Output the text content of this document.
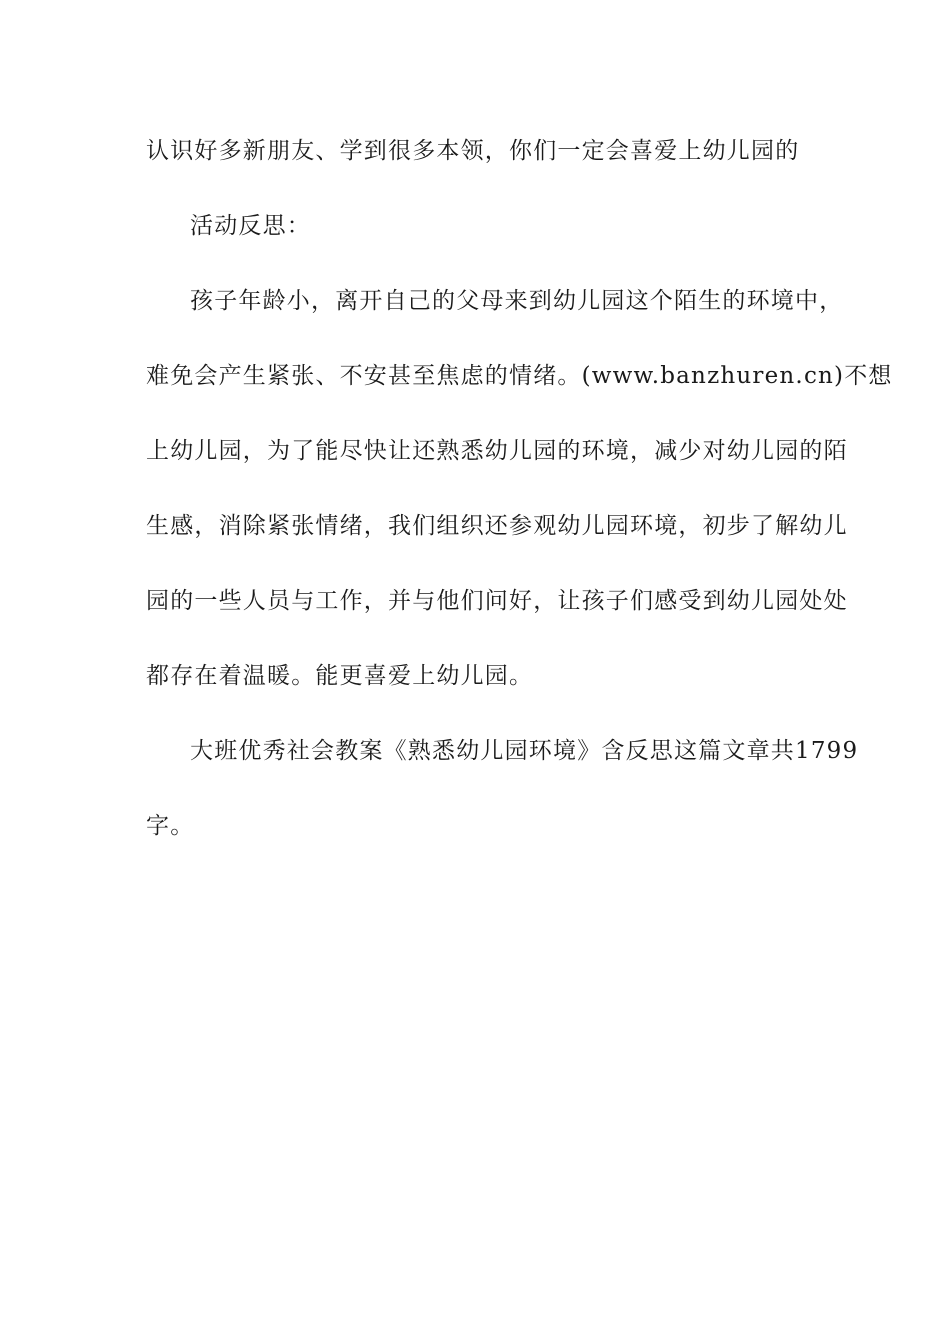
认识好多新朋友、学到很多本领，你们一定会喜爱上幼儿园的
活动反思：
孩子年龄小，离开自己的父母来到幼儿园这个陌生的环境中，
难免会产生紧张、不安甚至焦虑的情绪。(www.banzhuren.cn)不想
上幼儿园，为了能尽快让还熟悉幼儿园的环境，减少对幼儿园的陌
生感，消除紧张情绪，我们组织还参观幼儿园环境，初步了解幼儿
园的一些人员与工作，并与他们问好，让孩子们感受到幼儿园处处
都存在着温暖。能更喜爱上幼儿园。
大班优秀社会教案《熟悉幼儿园环境》含反思这篇文章共1799
字。
